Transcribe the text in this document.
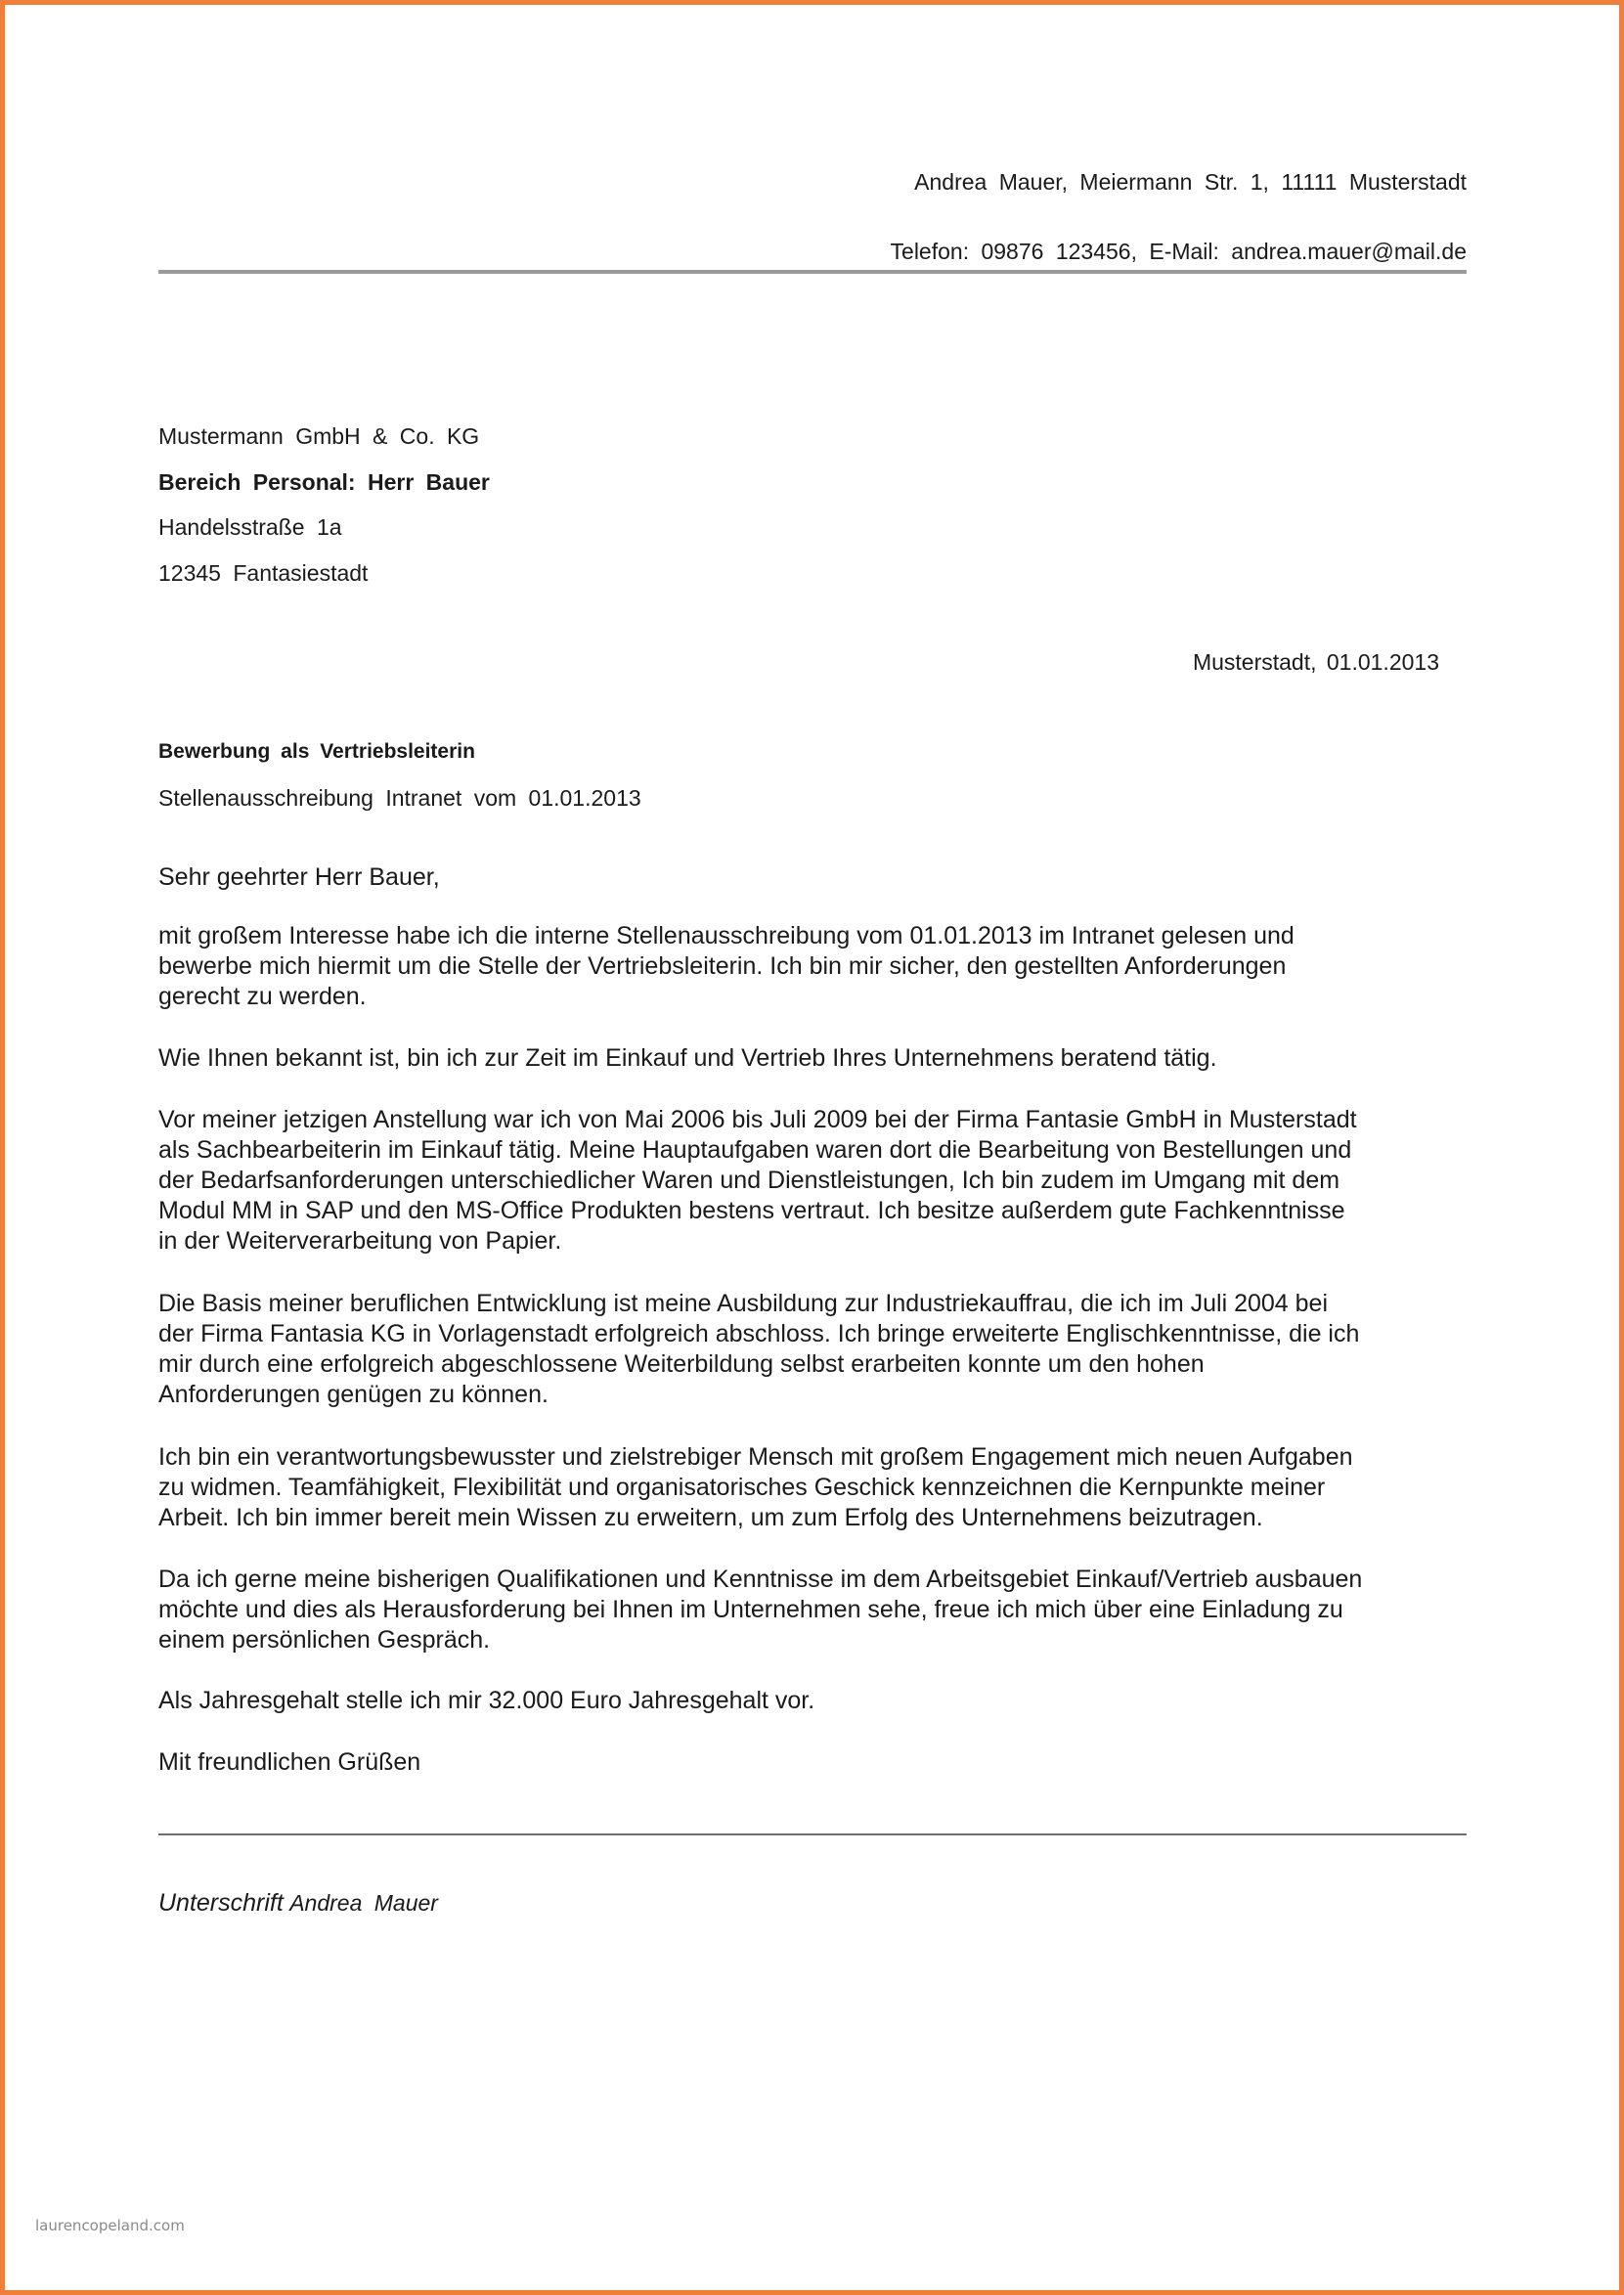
Andrea Mauer, Meiermann Str. 1, 11111 Musterstadt
Telefon: 09876 123456, E-Mail: andrea.mauer@mail.de
Mustermann GmbH & Co. KG
Bereich Personal: Herr Bauer
Handelsstraße 1a
12345 Fantasiestadt
Musterstadt, 01.01.2013
Bewerbung als Vertriebsleiterin
Stellenausschreibung Intranet vom 01.01.2013

Sehr geehrter Herr Bauer,

mit großem Interesse habe ich die interne Stellenausschreibung vom 01.01.2013 im Intranet gelesen und
bewerbe mich hiermit um die Stelle der Vertriebsleiterin. Ich bin mir sicher, den gestellten Anforderungen
gerecht zu werden.

Wie Ihnen bekannt ist, bin ich zur Zeit im Einkauf und Vertrieb Ihres Unternehmens beratend tätig.

Vor meiner jetzigen Anstellung war ich von Mai 2006 bis Juli 2009 bei der Firma Fantasie GmbH in Musterstadt
als Sachbearbeiterin im Einkauf tätig. Meine Hauptaufgaben waren dort die Bearbeitung von Bestellungen und
der Bedarfsanforderungen unterschiedlicher Waren und Dienstleistungen, Ich bin zudem im Umgang mit dem
Modul MM in SAP und den MS-Office Produkten bestens vertraut. Ich besitze außerdem gute Fachkenntnisse
in der Weiterverarbeitung von Papier.

Die Basis meiner beruflichen Entwicklung ist meine Ausbildung zur Industriekauffrau, die ich im Juli 2004 bei
der Firma Fantasia KG in Vorlagenstadt erfolgreich abschloss. Ich bringe erweiterte Englischkenntnisse, die ich
mir durch eine erfolgreich abgeschlossene Weiterbildung selbst erarbeiten konnte um den hohen
Anforderungen genügen zu können.

Ich bin ein verantwortungsbewusster und zielstrebiger Mensch mit großem Engagement mich neuen Aufgaben
zu widmen. Teamfähigkeit, Flexibilität und organisatorisches Geschick kennzeichnen die Kernpunkte meiner
Arbeit. Ich bin immer bereit mein Wissen zu erweitern, um zum Erfolg des Unternehmens beizutragen.

Da ich gerne meine bisherigen Qualifikationen und Kenntnisse im dem Arbeitsgebiet Einkauf/Vertrieb ausbauen
möchte und dies als Herausforderung bei Ihnen im Unternehmen sehe, freue ich mich über eine Einladung zu
einem persönlichen Gespräch.

Als Jahresgehalt stelle ich mir 32.000 Euro Jahresgehalt vor.

Mit freundlichen Grüßen

Unterschrift Andrea Mauer
laurencopeland.com
